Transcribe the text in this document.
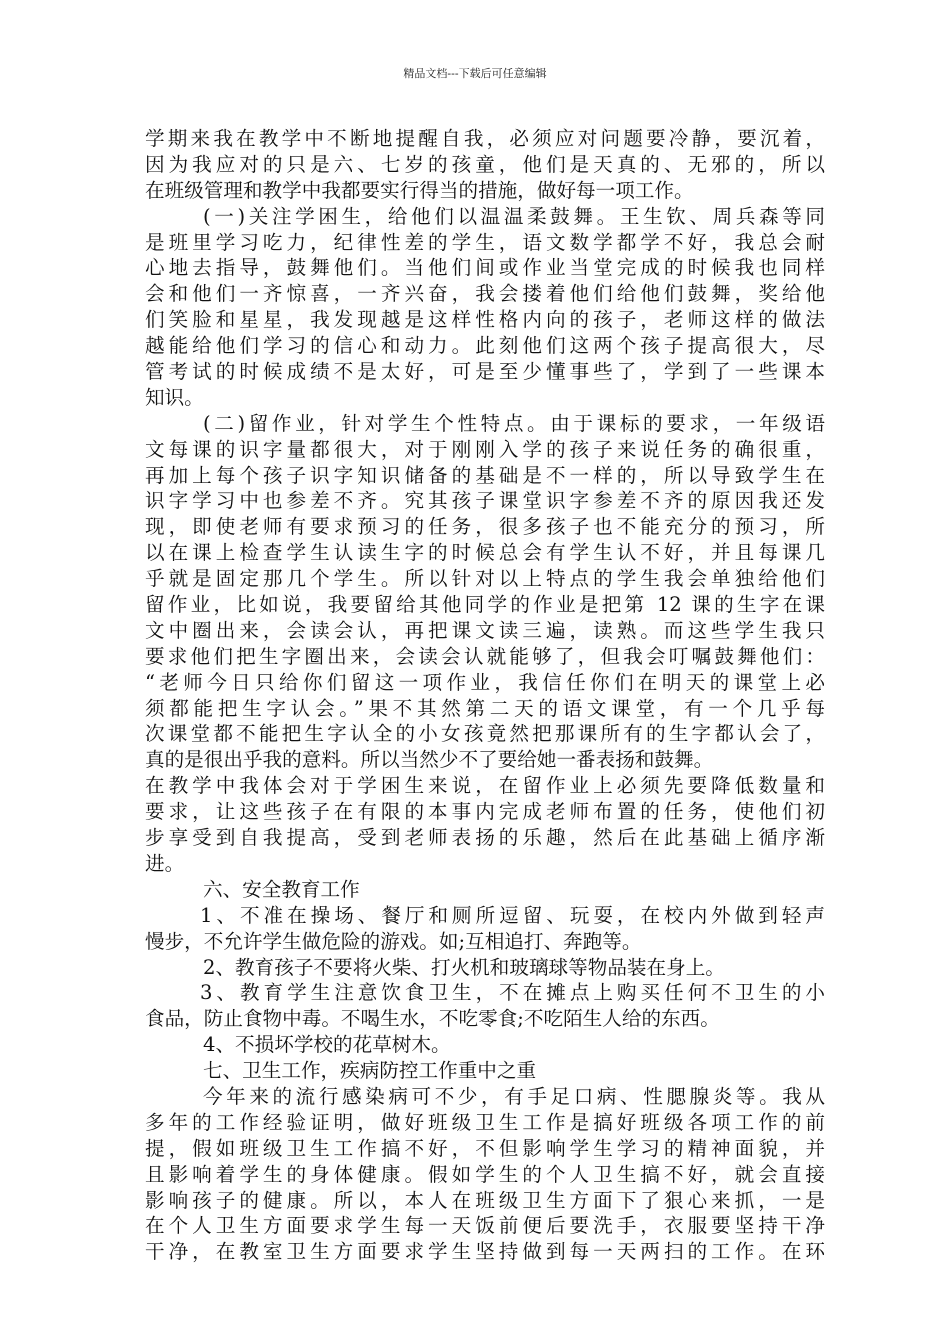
精品文档---下载后可任意编辑
学期来我在教学中不断地提醒自我，必须应对问题要冷静，要沉着，
因为我应对的只是六、七岁的孩童，他们是天真的、无邪的，所以
在班级管理和教学中我都要实行得当的措施，做好每一项工作。
(一)关注学困生，给他们以温温柔鼓舞。王生钦、周兵森等同
是班里学习吃力，纪律性差的学生，语文数学都学不好，我总会耐
心地去指导，鼓舞他们。当他们间或作业当堂完成的时候我也同样
会和他们一齐惊喜，一齐兴奋，我会搂着他们给他们鼓舞，奖给他
们笑脸和星星，我发现越是这样性格内向的孩子，老师这样的做法
越能给他们学习的信心和动力。此刻他们这两个孩子提高很大，尽
管考试的时候成绩不是太好，可是至少懂事些了，学到了一些课本
知识。
(二)留作业，针对学生个性特点。由于课标的要求，一年级语
文每课的识字量都很大，对于刚刚入学的孩子来说任务的确很重，
再加上每个孩子识字知识储备的基础是不一样的，所以导致学生在
识字学习中也参差不齐。究其孩子课堂识字参差不齐的原因我还发
现，即使老师有要求预习的任务，很多孩子也不能充分的预习，所
以在课上检查学生认读生字的时候总会有学生认不好，并且每课几
乎就是固定那几个学生。所以针对以上特点的学生我会单独给他们
留作业，比如说，我要留给其他同学的作业是把第 12 课的生字在课
文中圈出来，会读会认，再把课文读三遍，读熟。而这些学生我只
要求他们把生字圈出来，会读会认就能够了，但我会叮嘱鼓舞他们：
“老师今日只给你们留这一项作业，我信任你们在明天的课堂上必
须都能把生字认会。”果不其然第二天的语文课堂，有一个几乎每
次课堂都不能把生字认全的小女孩竟然把那课所有的生字都认会了，
真的是很出乎我的意料。所以当然少不了要给她一番表扬和鼓舞。
在教学中我体会对于学困生来说，在留作业上必须先要降低数量和
要求，让这些孩子在有限的本事内完成老师布置的任务，使他们初
步享受到自我提高，受到老师表扬的乐趣，然后在此基础上循序渐
进。
六、安全教育工作
1、不准在操场、餐厅和厕所逗留、玩耍，在校内外做到轻声
慢步，不允许学生做危险的游戏。如;互相追打、奔跑等。
2、教育孩子不要将火柴、打火机和玻璃球等物品装在身上。
3、教育学生注意饮食卫生，不在摊点上购买任何不卫生的小
食品，防止食物中毒。不喝生水，不吃零食;不吃陌生人给的东西。
4、不损坏学校的花草树木。
七、卫生工作，疾病防控工作重中之重
今年来的流行感染病可不少，有手足口病、性腮腺炎等。我从
多年的工作经验证明，做好班级卫生工作是搞好班级各项工作的前
提，假如班级卫生工作搞不好，不但影响学生学习的精神面貌，并
且影响着学生的身体健康。假如学生的个人卫生搞不好，就会直接
影响孩子的健康。所以，本人在班级卫生方面下了狠心来抓，一是
在个人卫生方面要求学生每一天饭前便后要洗手，衣服要坚持干净
干净，在教室卫生方面要求学生坚持做到每一天两扫的工作。在环
